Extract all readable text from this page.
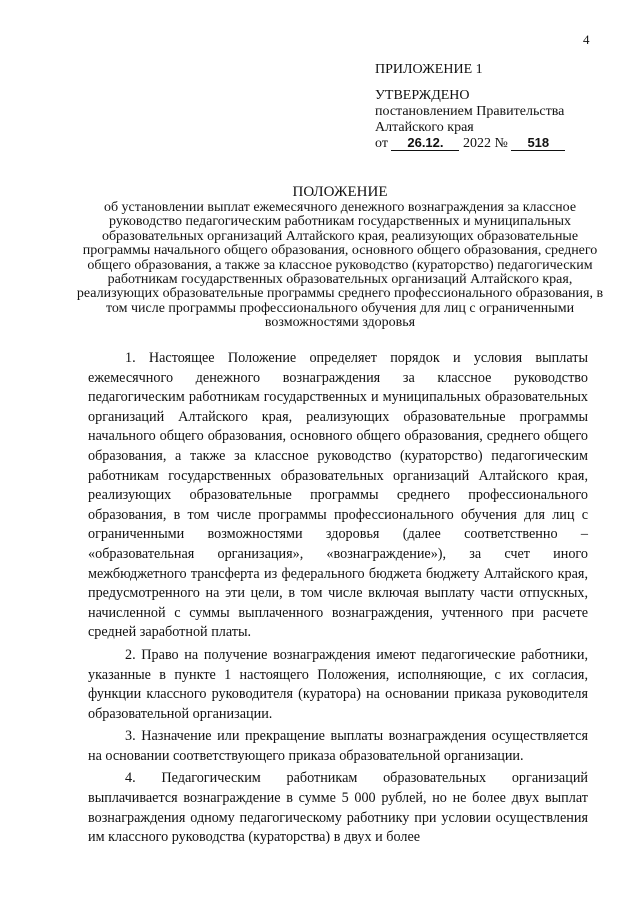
4
ПРИЛОЖЕНИЕ 1
УТВЕРЖДЕНО
постановлением Правительства
Алтайского края
от 26.12. 2022 № 518
ПОЛОЖЕНИЕ
об установлении выплат ежемесячного денежного вознаграждения за классное руководство педагогическим работникам государственных и муниципальных образовательных организаций Алтайского края, реализующих образовательные программы начального общего образования, основного общего образования, среднего общего образования, а также за классное руководство (кураторство) педагогическим работникам государственных образовательных организаций Алтайского края, реализующих образовательные программы среднего профессионального образования, в том числе программы профессионального обучения для лиц с ограниченными возможностями здоровья

1. Настоящее Положение определяет порядок и условия выплаты ежемесячного денежного вознаграждения за классное руководство педагогическим работникам государственных и муниципальных образовательных организаций Алтайского края, реализующих образовательные программы начального общего образования, основного общего образования, среднего общего образования, а также за классное руководство (кураторство) педагогическим работникам государственных образовательных организаций Алтайского края, реализующих образовательные программы среднего профессионального образования, в том числе программы профессионального обучения для лиц с ограниченными возможностями здоровья (далее соответственно – «образовательная организация», «вознаграждение»), за счет иного межбюджетного трансферта из федерального бюджета бюджету Алтайского края, предусмотренного на эти цели, в том числе включая выплату части отпускных, начисленной с суммы выплаченного вознаграждения, учтенного при расчете средней заработной платы.

2. Право на получение вознаграждения имеют педагогические работники, указанные в пункте 1 настоящего Положения, исполняющие, с их согласия, функции классного руководителя (куратора) на основании приказа руководителя образовательной организации.

3. Назначение или прекращение выплаты вознаграждения осуществляется на основании соответствующего приказа образовательной организации.

4. Педагогическим работникам образовательных организаций выплачивается вознаграждение в сумме 5 000 рублей, но не более двух выплат вознаграждения одному педагогическому работнику при условии осуществления им классного руководства (кураторства) в двух и более
